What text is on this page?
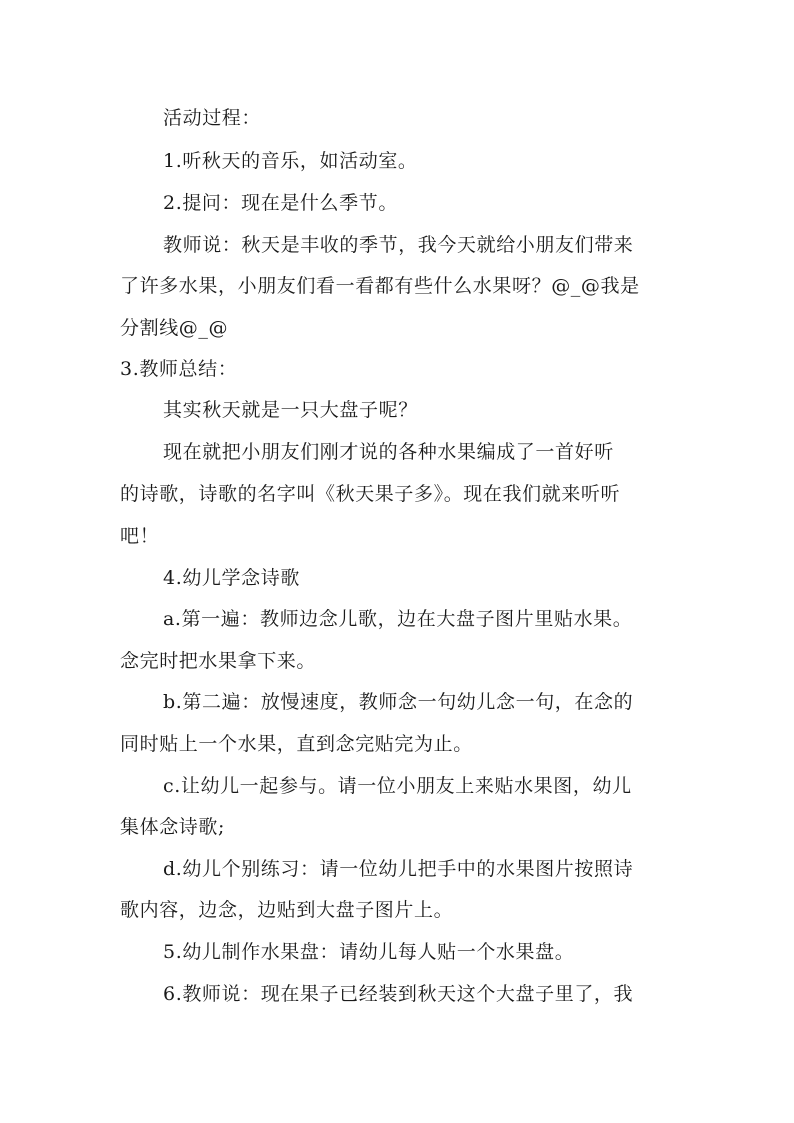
活动过程：
1.听秋天的音乐，如活动室。
2.提问：现在是什么季节。
教师说：秋天是丰收的季节，我今天就给小朋友们带来
了许多水果，小朋友们看一看都有些什么水果呀？@_@我是
分割线@_@
3.教师总结：
其实秋天就是一只大盘子呢？
现在就把小朋友们刚才说的各种水果编成了一首好听
的诗歌，诗歌的名字叫《秋天果子多》。现在我们就来听听
吧！
4.幼儿学念诗歌
a.第一遍：教师边念儿歌，边在大盘子图片里贴水果。
念完时把水果拿下来。
b.第二遍：放慢速度，教师念一句幼儿念一句，在念的
同时贴上一个水果，直到念完贴完为止。
c.让幼儿一起参与。请一位小朋友上来贴水果图，幼儿
集体念诗歌;
d.幼儿个别练习：请一位幼儿把手中的水果图片按照诗
歌内容，边念，边贴到大盘子图片上。
5.幼儿制作水果盘：请幼儿每人贴一个水果盘。
6.教师说：现在果子已经装到秋天这个大盘子里了，我
